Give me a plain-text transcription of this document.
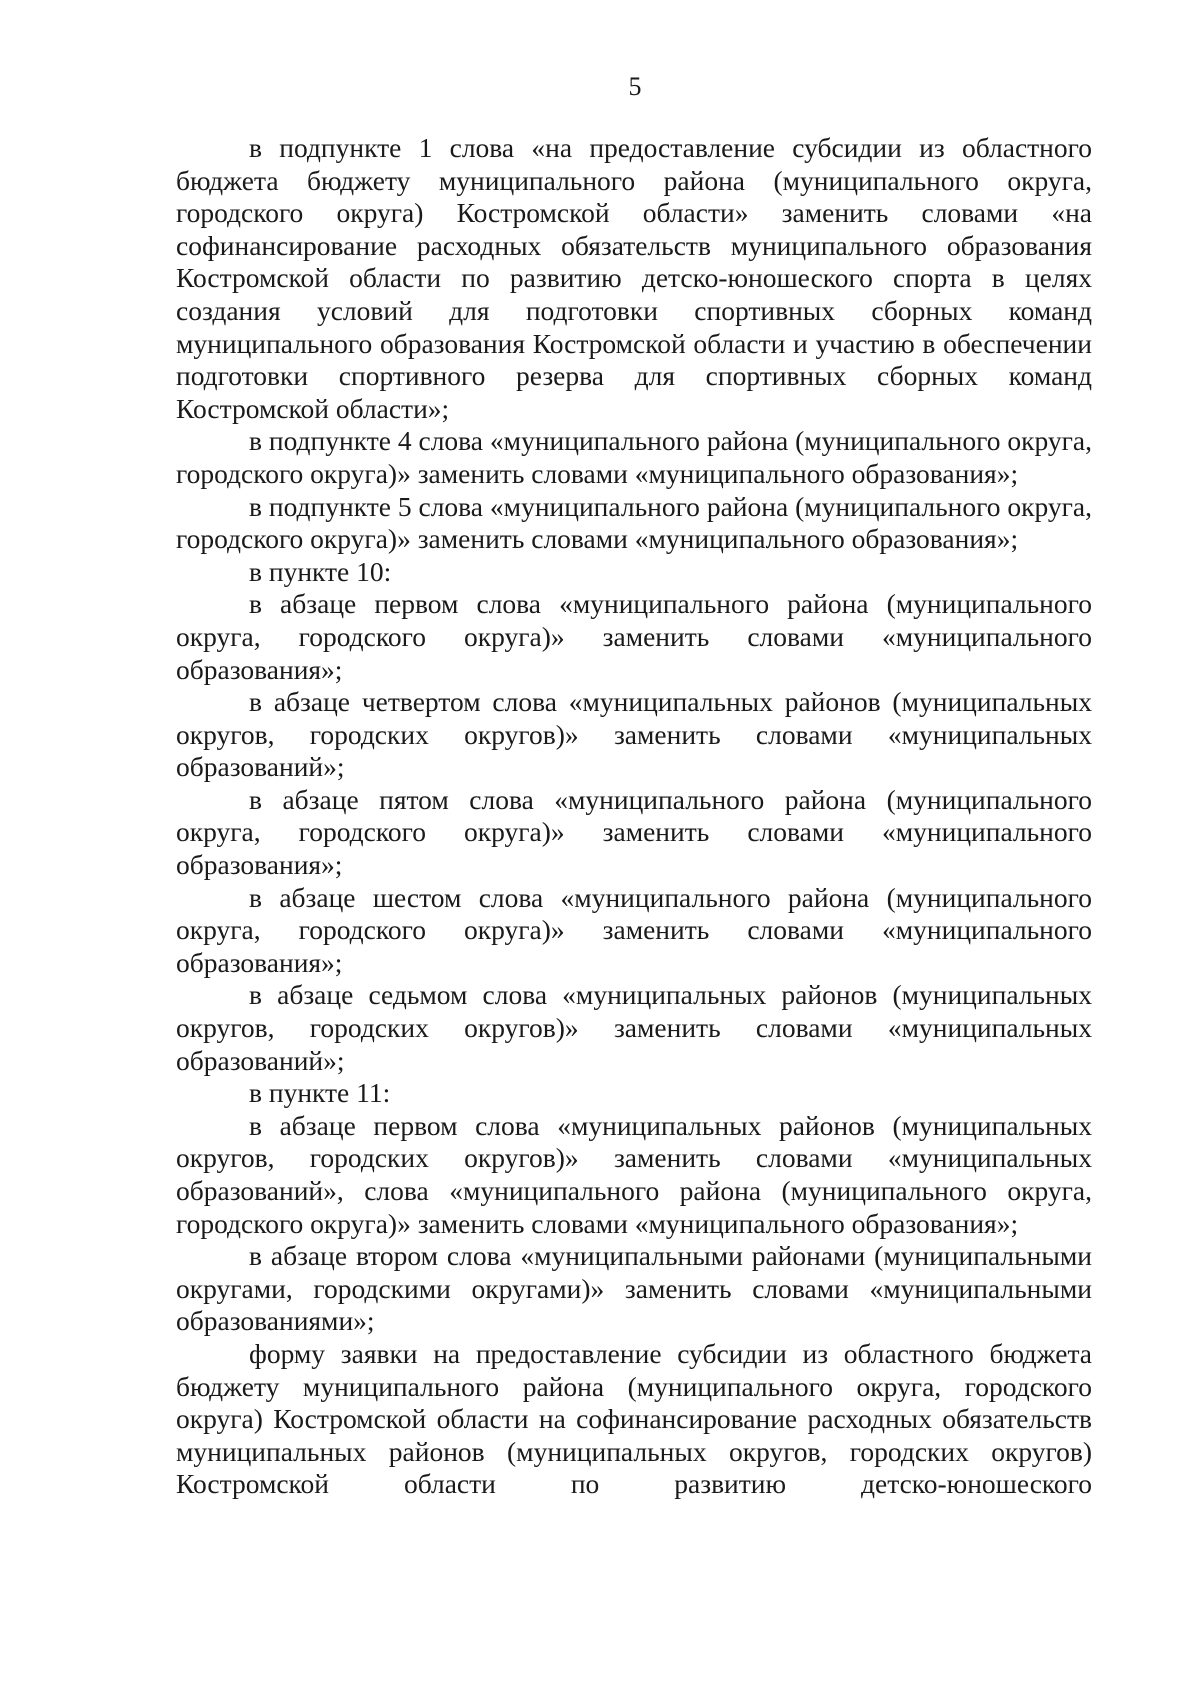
5

в подпункте 1 слова «на предоставление субсидии из областного бюджета бюджету муниципального района (муниципального округа, городского округа) Костромской области» заменить словами «на софинансирование расходных обязательств муниципального образования Костромской области по развитию детско-юношеского спорта в целях создания условий для подготовки спортивных сборных команд муниципального образования Костромской области и участию в обеспечении подготовки спортивного резерва для спортивных сборных команд Костромской области»;

в подпункте 4 слова «муниципального района (муниципального округа, городского округа)» заменить словами «муниципального образования»;

в подпункте 5 слова «муниципального района (муниципального округа, городского округа)» заменить словами «муниципального образования»;

в пункте 10:

в абзаце первом слова «муниципального района (муниципального округа, городского округа)» заменить словами «муниципального образования»;

в абзаце четвертом слова «муниципальных районов (муниципальных округов, городских округов)» заменить словами «муниципальных образований»;

в абзаце пятом слова «муниципального района (муниципального округа, городского округа)» заменить словами «муниципального образования»;

в абзаце шестом слова «муниципального района (муниципального округа, городского округа)» заменить словами «муниципального образования»;

в абзаце седьмом слова «муниципальных районов (муниципальных округов, городских округов)» заменить словами «муниципальных образований»;

в пункте 11:

в абзаце первом слова «муниципальных районов (муниципальных округов, городских округов)» заменить словами «муниципальных образований», слова «муниципального района (муниципального округа, городского округа)» заменить словами «муниципального образования»;

в абзаце втором слова «муниципальными районами (муниципальными округами, городскими округами)» заменить словами «муниципальными образованиями»;

форму заявки на предоставление субсидии из областного бюджета бюджету муниципального района (муниципального округа, городского округа) Костромской области на софинансирование расходных обязательств муниципальных районов (муниципальных округов, городских округов) Костромской области по развитию детско-юношеского
